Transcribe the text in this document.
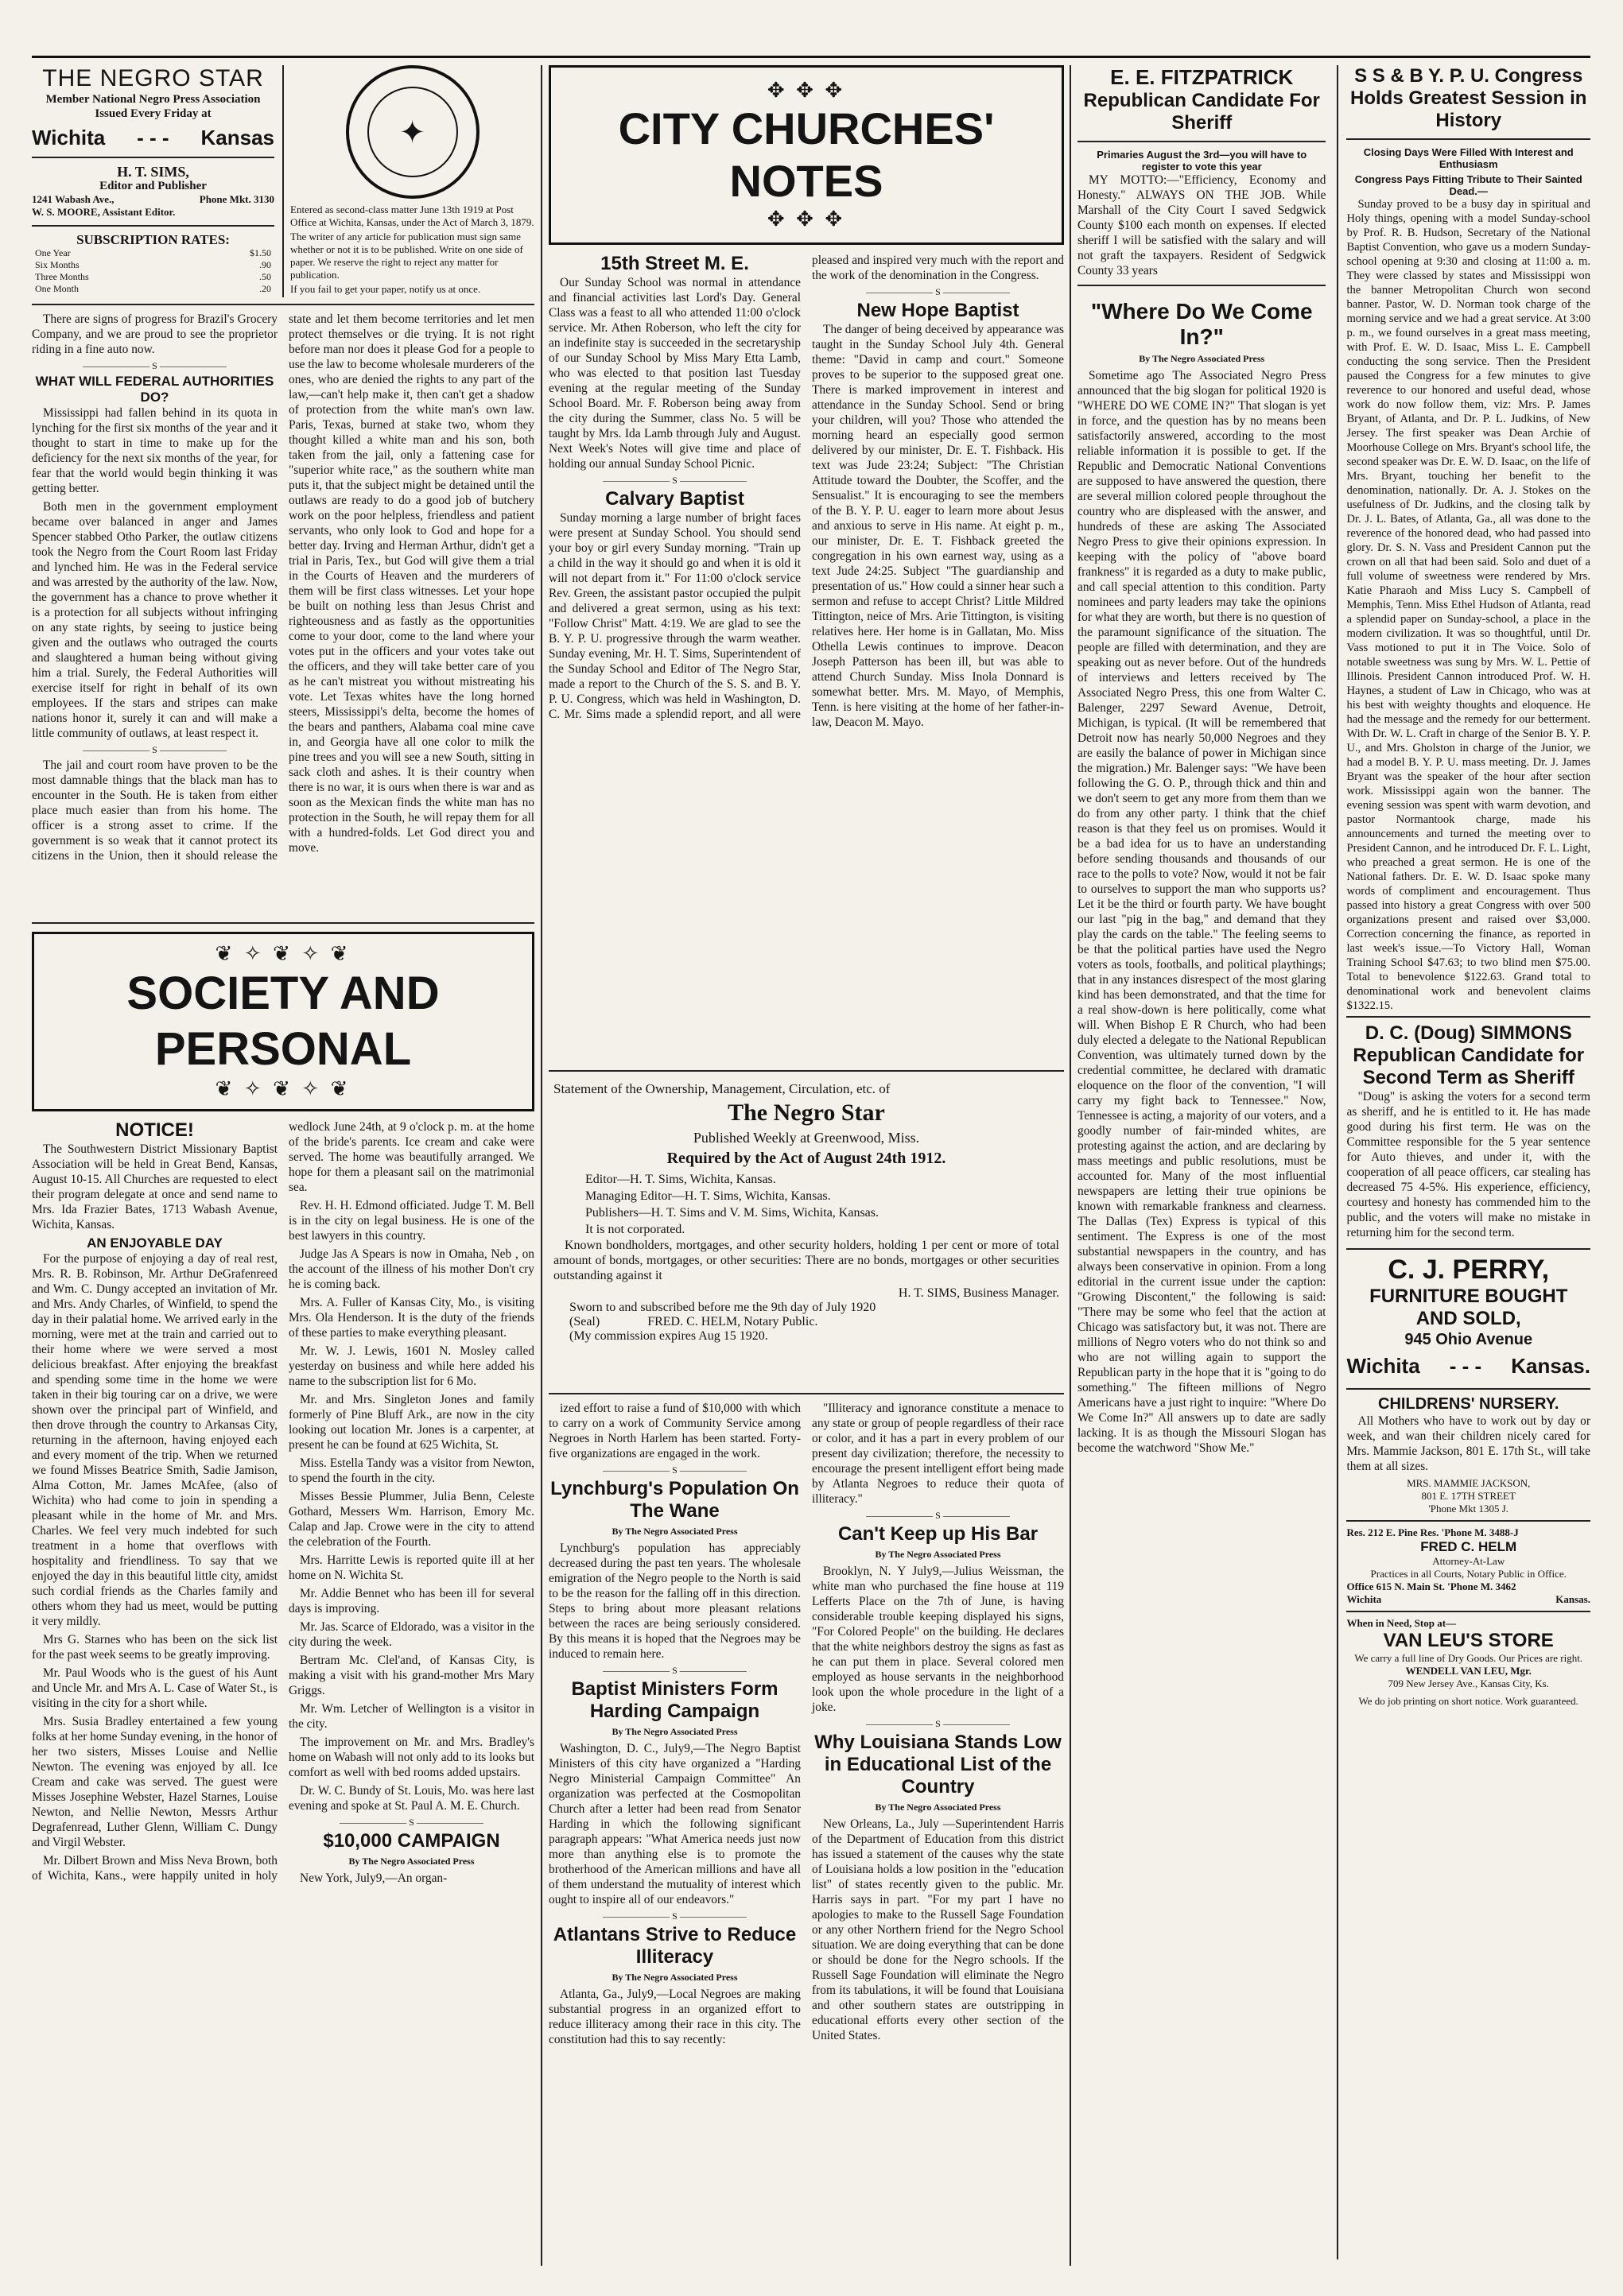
THE NEGRO STAR
Member National Negro Press Association
Issued Every Friday at
Wichita - - - Kansas
H. T. SIMS,
Editor and Publisher
1241 Wabash Ave.,	Phone Mkt. 3130
W. S. MOORE, Assistant Editor.
SUBSCRIPTION RATES:
One Year	$1.50
Six Months	.90
Three Months	.50
One Month	.20
✦

Entered as second-class matter June 13th 1919 at Post Office at Wichita, Kansas, under the Act of March 3, 1879.

The writer of any article for publication must sign same whether or not it is to be published. Write on one side of paper. We reserve the right to reject any matter for publication.

If you fail to get your paper, notify us at once.

There are signs of progress for Brazil's Grocery Company, and we are proud to see the proprietor riding in a fine auto now.

——————— S ———————
WHAT WILL FEDERAL AUTHORITIES DO?

Mississippi had fallen behind in its quota in lynching for the first six months of the year and it thought to start in time to make up for the deficiency for the next six months of the year, for fear that the world would begin thinking it was getting better.

Both men in the government employment became over balanced in anger and James Spencer stabbed Otho Parker, the outlaw citizens took the Negro from the Court Room last Friday and lynched him. He was in the Federal service and was arrested by the authority of the law. Now, the government has a chance to prove whether it is a protection for all subjects without infringing on any state rights, by seeing to justice being given and the outlaws who outraged the courts and slaughtered a human being without giving him a trial. Surely, the Federal Authorities will exercise itself for right in behalf of its own employees. If the stars and stripes can make nations honor it, surely it can and will make a little community of outlaws, at least respect it.

——————— S ———————

The jail and court room have proven to be the most damnable things that the black man has to encounter in the South. He is taken from either place much easier than from his home. The officer is a strong asset to crime. If the government is so weak that it cannot protect its citizens in the Union, then it should release the state and let them become territories and let men protect themselves or die trying. It is not right before man nor does it please God for a people to use the law to become wholesale murderers of the ones, who are denied the rights to any part of the law,—can't help make it, then can't get a shadow of protection from the white man's own law. Paris, Texas, burned at stake two, whom they thought killed a white man and his son, both taken from the jail, only a fattening case for "superior white race," as the southern white man puts it, that the subject might be detained until the outlaws are ready to do a good job of butchery work on the poor helpless, friendless and patient servants, who only look to God and hope for a better day. Irving and Herman Arthur, didn't get a trial in Paris, Tex., but God will give them a trial in the Courts of Heaven and the murderers of them will be first class witnesses. Let your hope be built on nothing less than Jesus Christ and righteousness and as fastly as the opportunities come to your door, come to the land where your votes put in the officers and your votes take out the officers, and they will take better care of you as he can't mistreat you without mistreating his vote. Let Texas whites have the long horned steers, Mississippi's delta, become the homes of the bears and panthers, Alabama coal mine cave in, and Georgia have all one color to milk the pine trees and you will see a new South, sitting in sack cloth and ashes. It is their country when there is no war, it is ours when there is war and as soon as the Mexican finds the white man has no protection in the South, he will repay them for all with a hundred-folds. Let God direct you and move.

❦ ✧ ❦ ✧ ❦
SOCIETY AND PERSONAL
❦ ✧ ❦ ✧ ❦
NOTICE!

The Southwestern District Missionary Baptist Association will be held in Great Bend, Kansas, August 10-15. All Churches are requested to elect their program delegate at once and send name to Mrs. Ida Frazier Bates, 1713 Wabash Avenue, Wichita, Kansas.

AN ENJOYABLE DAY

For the purpose of enjoying a day of real rest, Mrs. R. B. Robinson, Mr. Arthur DeGrafenreed and Wm. C. Dungy accepted an invitation of Mr. and Mrs. Andy Charles, of Winfield, to spend the day in their palatial home. We arrived early in the morning, were met at the train and carried out to their home where we were served a most delicious breakfast. After enjoying the breakfast and spending some time in the home we were taken in their big touring car on a drive, we were shown over the principal part of Winfield, and then drove through the country to Arkansas City, returning in the afternoon, having enjoyed each and every moment of the trip. When we returned we found Misses Beatrice Smith, Sadie Jamison, Alma Cotton, Mr. James McAfee, (also of Wichita) who had come to join in spending a pleasant while in the home of Mr. and Mrs. Charles. We feel very much indebted for such treatment in a home that overflows with hospitality and friendliness. To say that we enjoyed the day in this beautiful little city, amidst such cordial friends as the Charles family and others whom they had us meet, would be putting it very mildly.

Mrs G. Starnes who has been on the sick list for the past week seems to be greatly improving.

Mr. Paul Woods who is the guest of his Aunt and Uncle Mr. and Mrs A. L. Case of Water St., is visiting in the city for a short while.

Mrs. Susia Bradley entertained a few young folks at her home Sunday evening, in the honor of her two sisters, Misses Louise and Nellie Newton. The evening was enjoyed by all. Ice Cream and cake was served. The guest were Misses Josephine Webster, Hazel Starnes, Louise Newton, and Nellie Newton, Messrs Arthur Degrafenread, Luther Glenn, William C. Dungy and Virgil Webster.

Mr. Dilbert Brown and Miss Neva Brown, both of Wichita, Kans., were happily united in holy wedlock June 24th, at 9 o'clock p. m. at the home of the bride's parents. Ice cream and cake were served. The home was beautifully arranged. We hope for them a pleasant sail on the matrimonial sea.

Rev. H. H. Edmond officiated. Judge T. M. Bell is in the city on legal business. He is one of the best lawyers in this country.

Judge Jas A Spears is now in Omaha, Neb , on the account of the illness of his mother Don't cry he is coming back.

Mrs. A. Fuller of Kansas City, Mo., is visiting Mrs. Ola Henderson. It is the duty of the friends of these parties to make everything pleasant.

Mr. W. J. Lewis, 1601 N. Mosley called yesterday on business and while here added his name to the subscription list for 6 Mo.

Mr. and Mrs. Singleton Jones and family formerly of Pine Bluff Ark., are now in the city looking out location Mr. Jones is a carpenter, at present he can be found at 625 Wichita, St.

Miss. Estella Tandy was a visitor from Newton, to spend the fourth in the city.

Misses Bessie Plummer, Julia Benn, Celeste Gothard, Messers Wm. Harrison, Emory Mc. Calap and Jap. Crowe were in the city to attend the celebration of the Fourth.

Mrs. Harritte Lewis is reported quite ill at her home on N. Wichita St.

Mr. Addie Bennet who has been ill for several days is improving.

Mr. Jas. Scarce of Eldorado, was a visitor in the city during the week.

Bertram Mc. Clel'and, of Kansas City, is making a visit with his grand-mother Mrs Mary Griggs.

Mr. Wm. Letcher of Wellington is a visitor in the city.

The improvement on Mr. and Mrs. Bradley's home on Wabash will not only add to its looks but comfort as well with bed rooms added upstairs.

Dr. W. C. Bundy of St. Louis, Mo. was here last evening and spoke at St. Paul A. M. E. Church.

——————— S ———————
$10,000 CAMPAIGN
By The Negro Associated Press

New York, July9,—An organ-

✥ ✥ ✥
CITY CHURCHES' NOTES
✥ ✥ ✥
15th Street M. E.

Our Sunday School was normal in attendance and financial activities last Lord's Day. General Class was a feast to all who attended 11:00 o'clock service. Mr. Athen Roberson, who left the city for an indefinite stay is succeeded in the secretaryship of our Sunday School by Miss Mary Etta Lamb, who was elected to that position last Tuesday evening at the regular meeting of the Sunday School Board. Mr. F. Roberson being away from the city during the Summer, class No. 5 will be taught by Mrs. Ida Lamb through July and August. Next Week's Notes will give time and place of holding our annual Sunday School Picnic.

——————— S ———————
Calvary Baptist

Sunday morning a large number of bright faces were present at Sunday School. You should send your boy or girl every Sunday morning. "Train up a child in the way it should go and when it is old it will not depart from it." For 11:00 o'clock service Rev. Green, the assistant pastor occupied the pulpit and delivered a great sermon, using as his text: "Follow Christ" Matt. 4:19. We are glad to see the B. Y. P. U. progressive through the warm weather. Sunday evening, Mr. H. T. Sims, Superintendent of the Sunday School and Editor of The Negro Star, made a report to the Church of the S. S. and B. Y. P. U. Congress, which was held in Washington, D. C. Mr. Sims made a splendid report, and all were pleased and inspired very much with the report and the work of the denomination in the Congress.

——————— S ———————
New Hope Baptist

The danger of being deceived by appearance was taught in the Sunday School July 4th. General theme: "David in camp and court." Someone proves to be superior to the supposed great one. There is marked improvement in interest and attendance in the Sunday School. Send or bring your children, will you? Those who attended the morning heard an especially good sermon delivered by our minister, Dr. E. T. Fishback. His text was Jude 23:24; Subject: "The Christian Attitude toward the Doubter, the Scoffer, and the Sensualist." It is encouraging to see the members of the B. Y. P. U. eager to learn more about Jesus and anxious to serve in His name. At eight p. m., our minister, Dr. E. T. Fishback greeted the congregation in his own earnest way, using as a text Jude 24:25. Subject "The guardianship and presentation of us." How could a sinner hear such a sermon and refuse to accept Christ? Little Mildred Tittington, neice of Mrs. Arie Tittington, is visiting relatives here. Her home is in Gallatan, Mo. Miss Othella Lewis continues to improve. Deacon Joseph Patterson has been ill, but was able to attend Church Sunday. Miss Inola Donnard is somewhat better. Mrs. M. Mayo, of Memphis, Tenn. is here visiting at the home of her father-in-law, Deacon M. Mayo.

Statement of the Ownership, Management, Circulation, etc. of

The Negro Star
Published Weekly at Greenwood, Miss.
Required by the Act of August 24th 1912.
Editor—H. T. Sims, Wichita, Kansas.
Managing Editor—H. T. Sims, Wichita, Kansas.
Publishers—H. T. Sims and V. M. Sims, Wichita, Kansas.
It is not corporated.

Known bondholders, mortgages, and other security holders, holding 1 per cent or more of total amount of bonds, mortgages, or other securities: There are no bonds, mortgages or other securities outstanding against it

H. T. SIMS, Business Manager.
Sworn to and subscribed before me the 9th day of July 1920
(Seal)	FRED. C. HELM, Notary Public.
(My commission expires Aug 15 1920.

ized effort to raise a fund of $10,000 with which to carry on a work of Community Service among Negroes in North Harlem has been started. Forty-five organizations are engaged in the work.

——————— S ———————
Lynchburg's Population On The Wane
By The Negro Associated Press

Lynchburg's population has appreciably decreased during the past ten years. The wholesale emigration of the Negro people to the North is said to be the reason for the falling off in this direction. Steps to bring about more pleasant relations between the races are being seriously considered. By this means it is hoped that the Negroes may be induced to remain here.

——————— S ———————
Baptist Ministers Form Harding Campaign
By The Negro Associated Press

Washington, D. C., July9,—The Negro Baptist Ministers of this city have organized a "Harding Negro Ministerial Campaign Committee" An organization was perfected at the Cosmopolitan Church after a letter had been read from Senator Harding in which the following significant paragraph appears: "What America needs just now more than anything else is to promote the brotherhood of the American millions and have all of them understand the mutuality of interest which ought to inspire all of our endeavors."

——————— S ———————
Atlantans Strive to Reduce Illiteracy
By The Negro Associated Press

Atlanta, Ga., July9,—Local Negroes are making substantial progress in an organized effort to reduce illiteracy among their race in this city. The constitution had this to say recently:

"Illiteracy and ignorance constitute a menace to any state or group of people regardless of their race or color, and it has a part in every problem of our present day civilization; therefore, the necessity to encourage the present intelligent effort being made by Atlanta Negroes to reduce their quota of illiteracy."

——————— S ———————
Can't Keep up His Bar
By The Negro Associated Press

Brooklyn, N. Y July9,—Julius Weissman, the white man who purchased the fine house at 119 Lefferts Place on the 7th of June, is having considerable trouble keeping displayed his signs, "For Colored People" on the building. He declares that the white neighbors destroy the signs as fast as he can put them in place. Several colored men employed as house servants in the neighborhood look upon the whole procedure in the light of a joke.

——————— S ———————
Why Louisiana Stands Low in Educational List of the Country
By The Negro Associated Press

New Orleans, La., July —Superintendent Harris of the Department of Education from this district has issued a statement of the causes why the state of Louisiana holds a low position in the "education list" of states recently given to the public. Mr. Harris says in part. "For my part I have no apologies to make to the Russell Sage Foundation or any other Northern friend for the Negro School situation. We are doing everything that can be done or should be done for the Negro schools. If the Russell Sage Foundation will eliminate the Negro from its tabulations, it will be found that Louisiana and other southern states are outstripping in educational efforts every other section of the United States.

E. E. FITZPATRICK
Republican Candidate For Sheriff
Primaries August the 3rd—you will have to register to vote this year

MY MOTTO:—"Efficiency, Economy and Honesty." ALWAYS ON THE JOB. While Marshall of the City Court I saved Sedgwick County $100 each month on expenses. If elected sheriff I will be satisfied with the salary and will not graft the taxpayers. Resident of Sedgwick County 33 years

"Where Do We Come In?"
By The Negro Associated Press

Sometime ago The Associated Negro Press announced that the big slogan for political 1920 is "WHERE DO WE COME IN?" That slogan is yet in force, and the question has by no means been satisfactorily answered, according to the most reliable information it is possible to get. If the Republic and Democratic National Conventions are supposed to have answered the question, there are several million colored people throughout the country who are displeased with the answer, and hundreds of these are asking The Associated Negro Press to give their opinions expression. In keeping with the policy of "above board frankness" it is regarded as a duty to make public, and call special attention to this condition. Party nominees and party leaders may take the opinions for what they are worth, but there is no question of the paramount significance of the situation. The people are filled with determination, and they are speaking out as never before. Out of the hundreds of interviews and letters received by The Associated Negro Press, this one from Walter C. Balenger, 2297 Seward Avenue, Detroit, Michigan, is typical. (It will be remembered that Detroit now has nearly 50,000 Negroes and they are easily the balance of power in Michigan since the migration.) Mr. Balenger says: "We have been following the G. O. P., through thick and thin and we don't seem to get any more from them than we do from any other party. I think that the chief reason is that they feel us on promises. Would it be a bad idea for us to have an understanding before sending thousands and thousands of our race to the polls to vote? Now, would it not be fair to ourselves to support the man who supports us? Let it be the third or fourth party. We have bought our last "pig in the bag," and demand that they play the cards on the table." The feeling seems to be that the political parties have used the Negro voters as tools, footballs, and political playthings; that in any instances disrespect of the most glaring kind has been demonstrated, and that the time for a real show-down is here politically, come what will. When Bishop E R Church, who had been duly elected a delegate to the National Republican Convention, was ultimately turned down by the credential committee, he declared with dramatic eloquence on the floor of the convention, "I will carry my fight back to Tennessee." Now, Tennessee is acting, a majority of our voters, and a goodly number of fair-minded whites, are protesting against the action, and are declaring by mass meetings and public resolutions, must be accounted for. Many of the most influential newspapers are letting their true opinions be known with remarkable frankness and clearness. The Dallas (Tex) Express is typical of this sentiment. The Express is one of the most substantial newspapers in the country, and has always been conservative in opinion. From a long editorial in the current issue under the caption: "Growing Discontent," the following is said: "There may be some who feel that the action at Chicago was satisfactory but, it was not. There are millions of Negro voters who do not think so and who are not willing again to support the Republican party in the hope that it is "going to do something." The fifteen millions of Negro Americans have a just right to inquire: "Where Do We Come In?" All answers up to date are sadly lacking. It is as though the Missouri Slogan has become the watchword "Show Me."

S S & B Y. P. U. Congress Holds Greatest Session in History
Closing Days Were Filled With Interest and Enthusiasm
Congress Pays Fitting Tribute to Their Sainted Dead.—

Sunday proved to be a busy day in spiritual and Holy things, opening with a model Sunday-school by Prof. R. B. Hudson, Secretary of the National Baptist Convention, who gave us a modern Sunday-school opening at 9:30 and closing at 11:00 a. m. They were classed by states and Mississippi won the banner Metropolitan Church won second banner. Pastor, W. D. Norman took charge of the morning service and we had a great service. At 3:00 p. m., we found ourselves in a great mass meeting, with Prof. E. W. D. Isaac, Miss L. E. Campbell conducting the song service. Then the President paused the Congress for a few minutes to give reverence to our honored and useful dead, whose work do now follow them, viz: Mrs. P. James Bryant, of Atlanta, and Dr. P. L. Judkins, of New Jersey. The first speaker was Dean Archie of Moorhouse College on Mrs. Bryant's school life, the second speaker was Dr. E. W. D. Isaac, on the life of Mrs. Bryant, touching her benefit to the denomination, nationally. Dr. A. J. Stokes on the usefulness of Dr. Judkins, and the closing talk by Dr. J. L. Bates, of Atlanta, Ga., all was done to the reverence of the honored dead, who had passed into glory. Dr. S. N. Vass and President Cannon put the crown on all that had been said. Solo and duet of a full volume of sweetness were rendered by Mrs. Katie Pharaoh and Miss Lucy S. Campbell of Memphis, Tenn. Miss Ethel Hudson of Atlanta, read a splendid paper on Sunday-school, a place in the modern civilization. It was so thoughtful, until Dr. Vass motioned to put it in The Voice. Solo of notable sweetness was sung by Mrs. W. L. Pettie of Illinois. President Cannon introduced Prof. W. H. Haynes, a student of Law in Chicago, who was at his best with weighty thoughts and eloquence. He had the message and the remedy for our betterment. With Dr. W. L. Craft in charge of the Senior B. Y. P. U., and Mrs. Gholston in charge of the Junior, we had a model B. Y. P. U. mass meeting. Dr. J. James Bryant was the speaker of the hour after section work. Mississippi again won the banner. The evening session was spent with warm devotion, and pastor Normantook charge, made his announcements and turned the meeting over to President Cannon, and he introduced Dr. F. L. Light, who preached a great sermon. He is one of the National fathers. Dr. E. W. D. Isaac spoke many words of compliment and encouragement. Thus passed into history a great Congress with over 500 organizations present and raised over $3,000. Correction concerning the finance, as reported in last week's issue.—To Victory Hall, Woman Training School $47.63; to two blind men $75.00. Total to benevolence $122.63. Grand total to denominational work and benevolent claims $1322.15.

D. C. (Doug) SIMMONS
Republican Candidate for Second Term as Sheriff

"Doug" is asking the voters for a second term as sheriff, and he is entitled to it. He has made good during his first term. He was on the Committee responsible for the 5 year sentence for Auto thieves, and under it, with the cooperation of all peace officers, car stealing has decreased 75 4-5%. His experience, efficiency, courtesy and honesty has commended him to the public, and the voters will make no mistake in returning him for the second term.

C. J. PERRY,
FURNITURE BOUGHT
AND SOLD,
945 Ohio Avenue
Wichita - - - Kansas.
CHILDRENS' NURSERY.

All Mothers who have to work out by day or week, and wan their children nicely cared for Mrs. Mammie Jackson, 801 E. 17th St., will take them at all sizes.

MRS. MAMMIE JACKSON,
801 E. 17TH STREET
'Phone Mkt 1305 J.
Res. 212 E. Pine Res. 'Phone M. 3488-J
FRED C. HELM
Attorney-At-Law
Practices in all Courts, Notary Public in Office.
Office 615 N. Main St. 'Phone M. 3462
Wichita	Kansas.
When in Need, Stop at—
VAN LEU'S STORE
We carry a full line of Dry Goods. Our Prices are right.
WENDELL VAN LEU, Mgr.
709 New Jersey Ave., Kansas City, Ks.
We do job printing on short notice. Work guaranteed.
